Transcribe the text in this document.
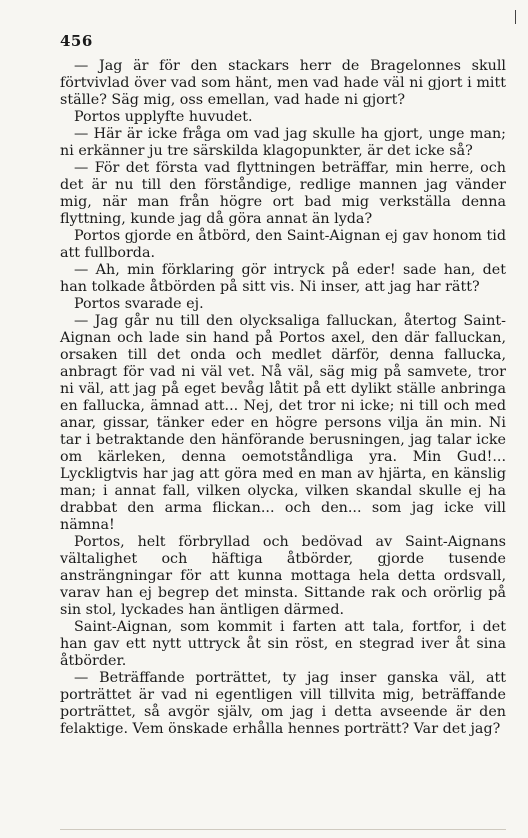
456

— Jag är för den stackars herr de Bragelonnes skull förtvivlad över vad som hänt, men vad hade väl ni gjort i mitt ställe? Säg mig, oss emellan, vad hade ni gjort?

Portos upplyfte huvudet.

— Här är icke fråga om vad jag skulle ha gjort, unge man; ni erkänner ju tre särskilda klagopunkter, är det icke så?

— För det första vad flyttningen beträffar, min herre, och det är nu till den förståndige, redlige mannen jag vänder mig, när man från högre ort bad mig verkställa denna flyttning, kunde jag då göra annat än lyda?

Portos gjorde en åtbörd, den Saint-Aignan ej gav honom tid att fullborda.

— Ah, min förklaring gör intryck på eder! sade han, det han tolkade åtbörden på sitt vis. Ni inser, att jag har rätt?

Portos svarade ej.

— Jag går nu till den olycksaliga falluckan, återtog Saint-Aignan och lade sin hand på Portos axel, den där falluckan, orsaken till det onda och medlet därför, denna fallucka, anbragt för vad ni väl vet. Nå väl, säg mig på samvete, tror ni väl, att jag på eget bevåg låtit på ett dylikt ställe anbringa en fallucka, ämnad att... Nej, det tror ni icke; ni till och med anar, gissar, tänker eder en högre persons vilja än min. Ni tar i betraktande den hänförande berusningen, jag talar icke om kärleken, denna oemotståndliga yra. Min Gud!... Lyckligtvis har jag att göra med en man av hjärta, en känslig man; i annat fall, vilken olycka, vilken skandal skulle ej ha drabbat den arma flickan... och den... som jag icke vill nämna!

Portos, helt förbryllad och bedövad av Saint-Aignans vältalighet och häftiga åtbörder, gjorde tusende ansträngningar för att kunna mottaga hela detta ordsvall, varav han ej begrep det minsta. Sittande rak och orörlig på sin stol, lyckades han äntligen därmed.

Saint-Aignan, som kommit i farten att tala, fortfor, i det han gav ett nytt uttryck åt sin röst, en stegrad iver åt sina åtbörder.

— Beträffande porträttet, ty jag inser ganska väl, att porträttet är vad ni egentligen vill tillvita mig, beträffande porträttet, så avgör själv, om jag i detta avseende är den felaktige. Vem önskade erhålla hennes porträtt? Var det jag?
